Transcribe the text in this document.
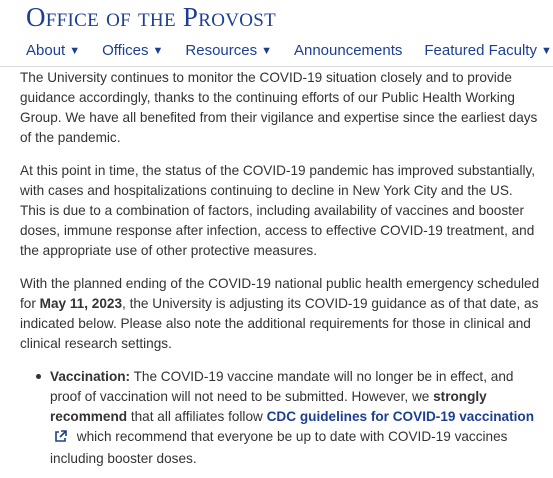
Office of the Provost
About ▼ Offices ▼ Resources ▼ Announcements Featured Faculty ▼

The University continues to monitor the COVID-19 situation closely and to provide guidance accordingly, thanks to the continuing efforts of our Public Health Working Group. We have all benefited from their vigilance and expertise since the earliest days of the pandemic.

At this point in time, the status of the COVID-19 pandemic has improved substantially, with cases and hospitalizations continuing to decline in New York City and the US. This is due to a combination of factors, including availability of vaccines and booster doses, immune response after infection, access to effective COVID-19 treatment, and the appropriate use of other protective measures.

With the planned ending of the COVID-19 national public health emergency scheduled for May 11, 2023, the University is adjusting its COVID-19 guidance as of that date, as indicated below. Please also note the additional requirements for those in clinical and clinical research settings.

Vaccination: The COVID-19 vaccine mandate will no longer be in effect, and proof of vaccination will not need to be submitted. However, we strongly recommend that all affiliates follow CDC guidelines for COVID-19 vaccination
which recommend that everyone be up to date with COVID-19 vaccines including booster doses.
